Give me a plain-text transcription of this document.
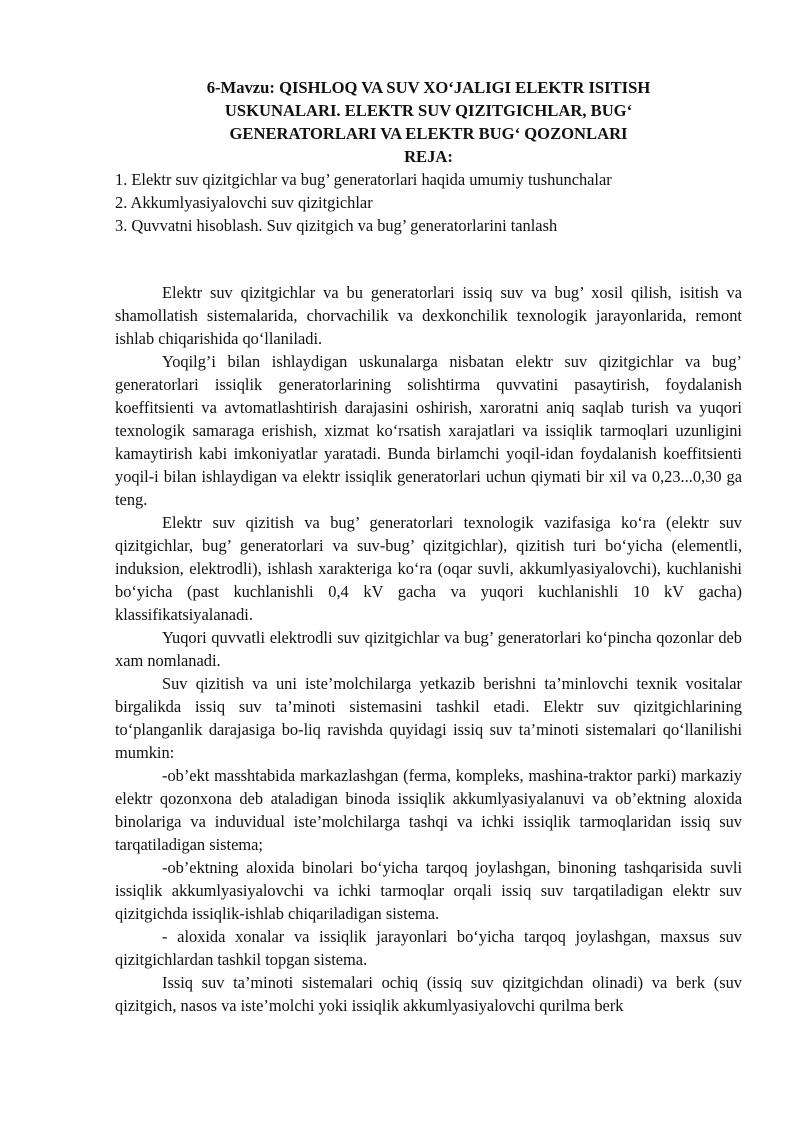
6-Mavzu: QISHLOQ VA SUV XO‘JALIGI ELEKTR ISITISH
USKUNALARI. ELEKTR SUV QIZITGICHLAR, BUG‘
GENERATORLARI VA ELEKTR BUG‘ QOZONLARI
REJA:
1. Elektr suv qizitgichlar va bug’ generatorlari haqida umumiy tushunchalar
2. Akkumlyasiyalovchi suv qizitgichlar
3. Quvvatni hisoblash. Suv qizitgich va bug’ generatorlarini tanlash

Elektr suv qizitgichlar va bu generatorlari issiq suv va bug’ xosil qilish, isitish va shamollatish sistemalarida, chorvachilik va dexkonchilik texnologik jarayonlarida, remont ishlab chiqarishida qo‘llaniladi.

Yoqilg’i bilan ishlaydigan uskunalarga nisbatan elektr suv qizitgichlar va bug’ generatorlari issiqlik generatorlarining solishtirma quvvatini pasaytirish, foydalanish koeffitsienti va avtomatlashtirish darajasini oshirish, xaroratni aniq saqlab turish va yuqori texnologik samaraga erishish, xizmat ko‘rsatish xarajatlari va issiqlik tarmoqlari uzunligini kamaytirish kabi imkoniyatlar yaratadi. Bunda birlamchi yoqil-idan foydalanish koeffitsienti yoqil-i bilan ishlaydigan va elektr issiqlik generatorlari uchun qiymati bir xil va 0,23...0,30 ga teng.

Elektr suv qizitish va bug’ generatorlari texnologik vazifasiga ko‘ra (elektr suv qizitgichlar, bug’ generatorlari va suv-bug’ qizitgichlar), qizitish turi bo‘yicha (elementli, induksion, elektrodli), ishlash xarakteriga ko‘ra (oqar suvli, akkumlyasiyalovchi), kuchlanishi bo‘yicha (past kuchlanishli 0,4 kV gacha va yuqori kuchlanishli 10 kV gacha) klassifikatsiyalanadi.

Yuqori quvvatli elektrodli suv qizitgichlar va bug’ generatorlari ko‘pincha qozonlar deb xam nomlanadi.

Suv qizitish va uni iste’molchilarga yetkazib berishni ta’minlovchi texnik vositalar birgalikda issiq suv ta’minoti sistemasini tashkil etadi. Elektr suv qizitgichlarining to‘planganlik darajasiga bo-liq ravishda quyidagi issiq suv ta’minoti sistemalari qo‘llanilishi mumkin:

-ob’ekt masshtabida markazlashgan (ferma, kompleks, mashina-traktor parki) markaziy elektr qozonxona deb ataladigan binoda issiqlik akkumlyasiyalanuvi va ob’ektning aloxida binolariga va induvidual iste’molchilarga tashqi va ichki issiqlik tarmoqlaridan issiq suv tarqatiladigan sistema;

-ob’ektning aloxida binolari bo‘yicha tarqoq joylashgan, binoning tashqarisida suvli issiqlik akkumlyasiyalovchi va ichki tarmoqlar orqali issiq suv tarqatiladigan elektr suv qizitgichda issiqlik-ishlab chiqariladigan sistema.

- aloxida xonalar va issiqlik jarayonlari bo‘yicha tarqoq joylashgan, maxsus suv qizitgichlardan tashkil topgan sistema.

Issiq suv ta’minoti sistemalari ochiq (issiq suv qizitgichdan olinadi) va berk (suv qizitgich, nasos va iste’molchi yoki issiqlik akkumlyasiyalovchi qurilma berk
